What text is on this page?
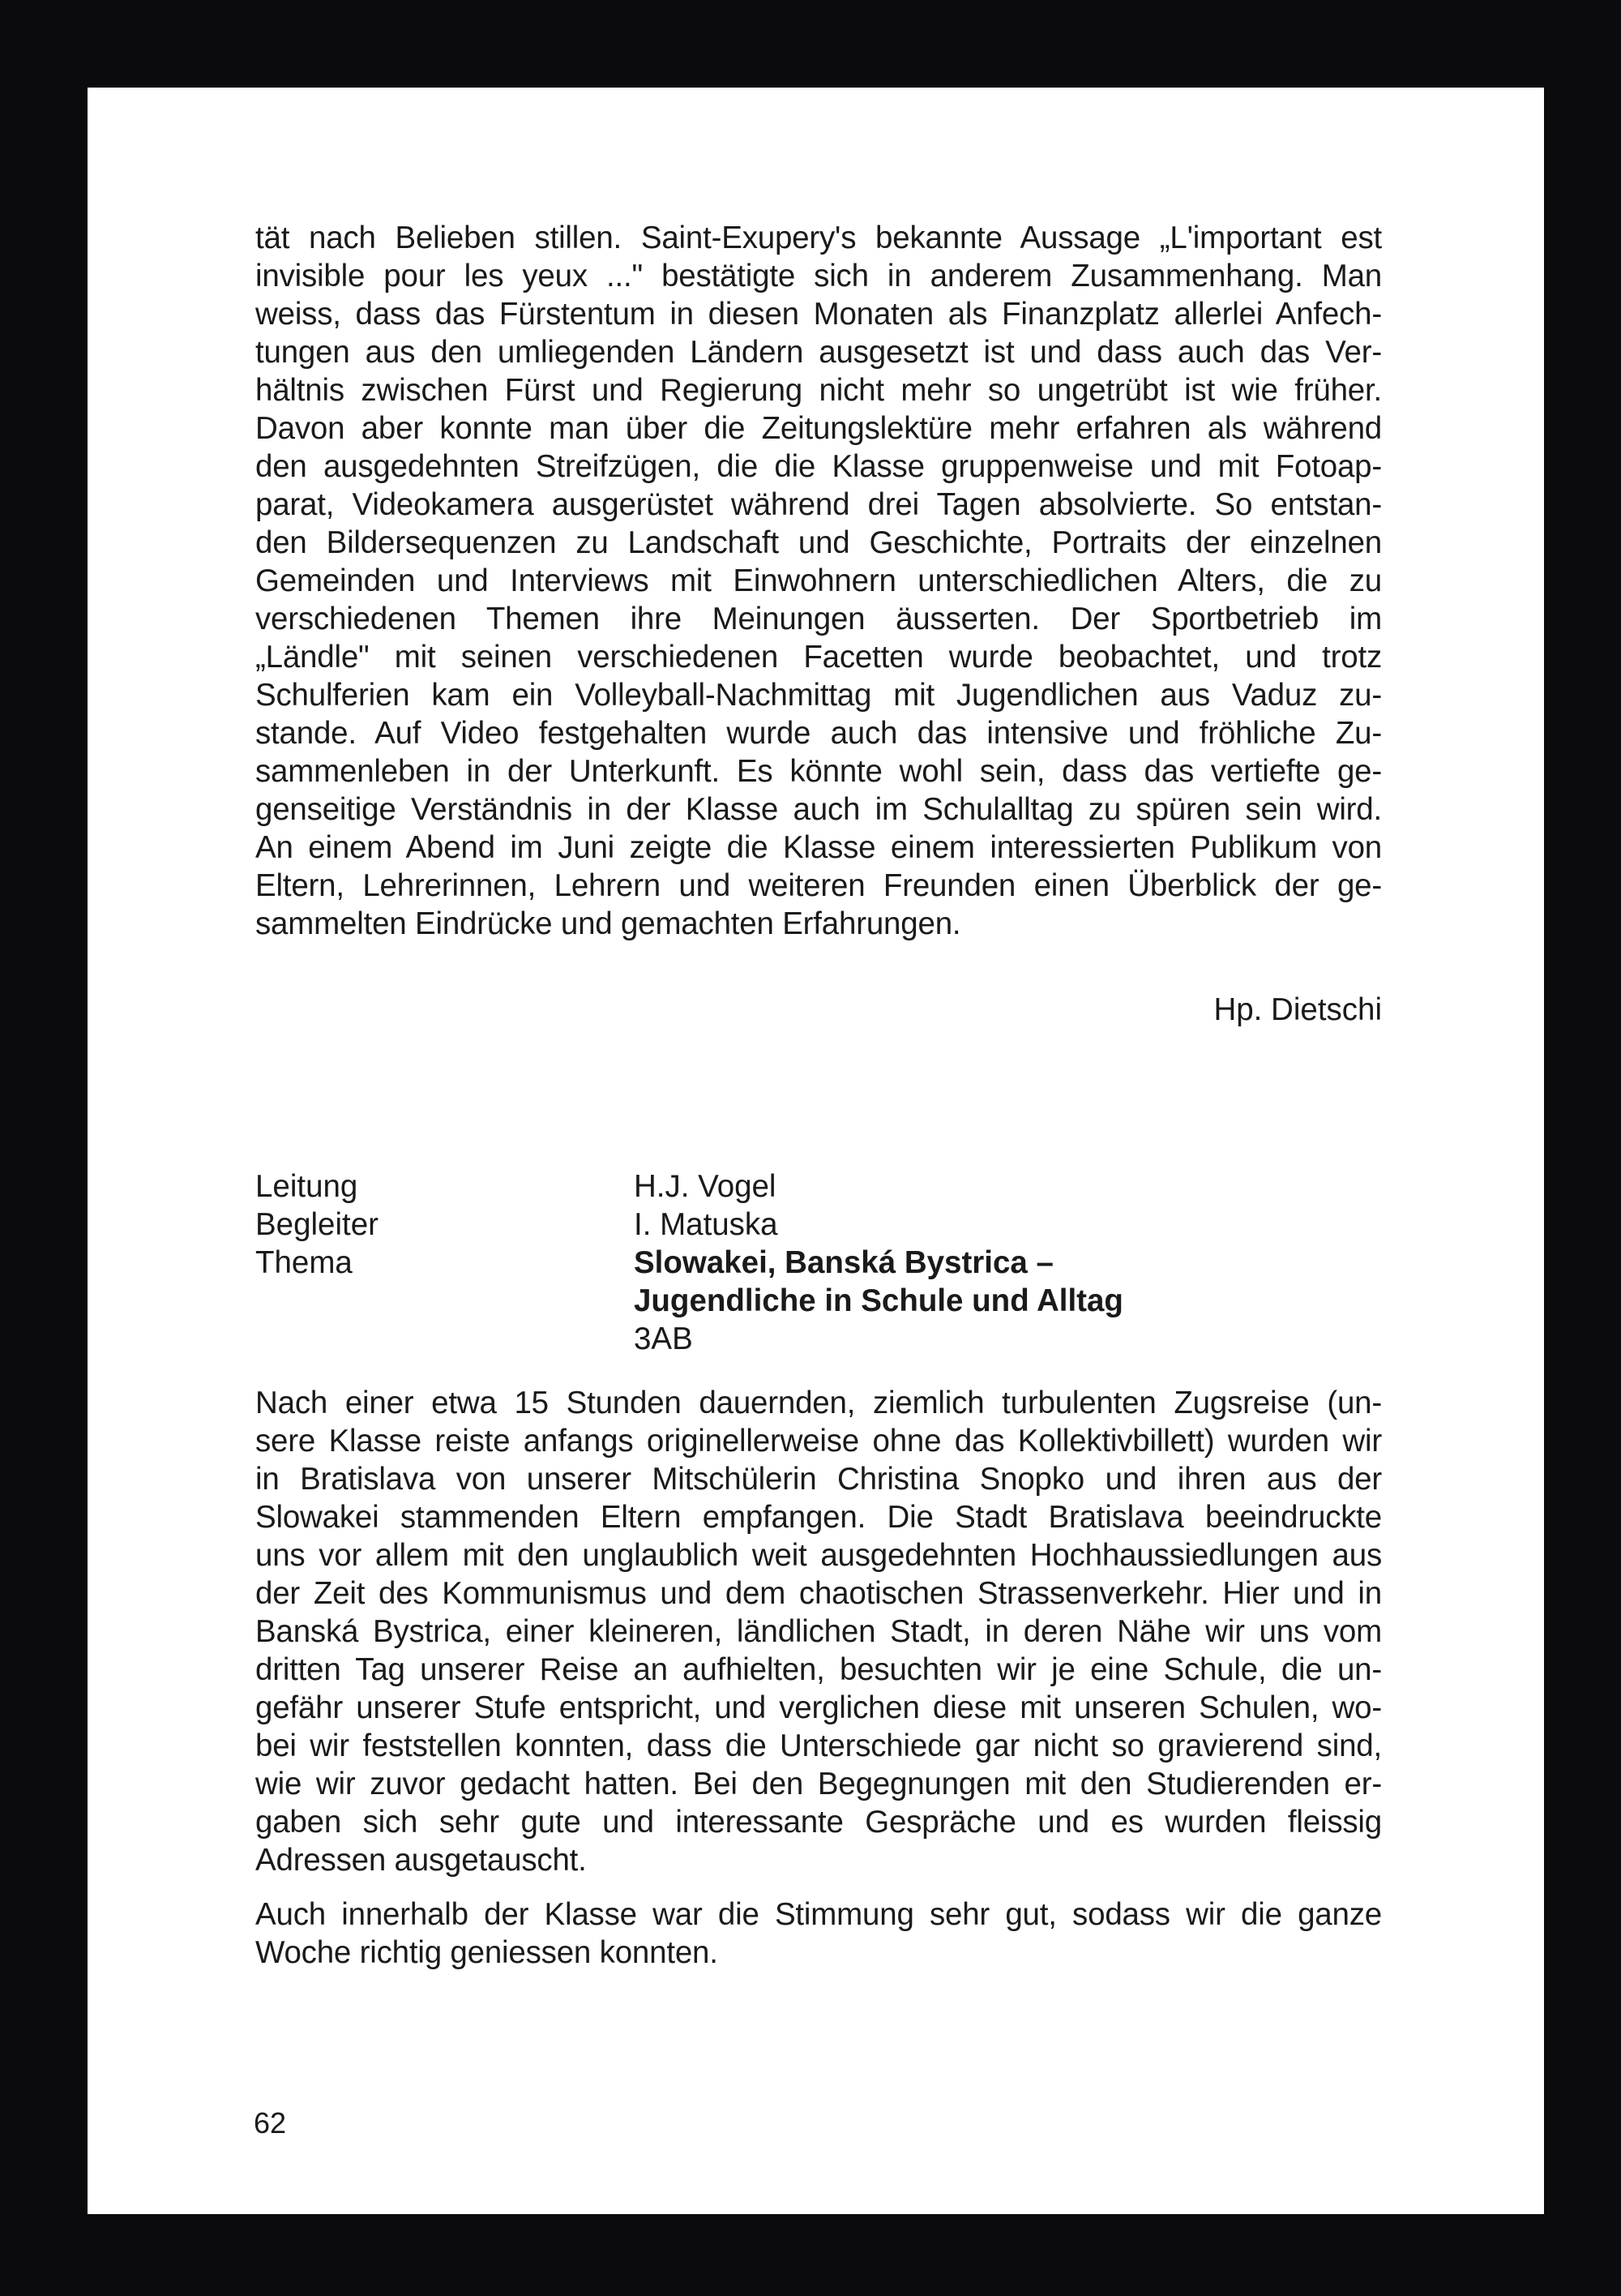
tät nach Belieben stillen. Saint-Exupery's bekannte Aussage „L'important est
invisible pour les yeux ..." bestätigte sich in anderem Zusammenhang. Man
weiss, dass das Fürstentum in diesen Monaten als Finanzplatz allerlei Anfech-
tungen aus den umliegenden Ländern ausgesetzt ist und dass auch das Ver-
hältnis zwischen Fürst und Regierung nicht mehr so ungetrübt ist wie früher.
Davon aber konnte man über die Zeitungslektüre mehr erfahren als während
den ausgedehnten Streifzügen, die die Klasse gruppenweise und mit Fotoap-
parat, Videokamera ausgerüstet während drei Tagen absolvierte. So entstan-
den Bildersequenzen zu Landschaft und Geschichte, Portraits der einzelnen
Gemeinden und Interviews mit Einwohnern unterschiedlichen Alters, die zu
verschiedenen Themen ihre Meinungen äusserten. Der Sportbetrieb im
„Ländle" mit seinen verschiedenen Facetten wurde beobachtet, und trotz
Schulferien kam ein Volleyball-Nachmittag mit Jugendlichen aus Vaduz zu-
stande. Auf Video festgehalten wurde auch das intensive und fröhliche Zu-
sammenleben in der Unterkunft. Es könnte wohl sein, dass das vertiefte ge-
genseitige Verständnis in der Klasse auch im Schulalltag zu spüren sein wird.
An einem Abend im Juni zeigte die Klasse einem interessierten Publikum von
Eltern, Lehrerinnen, Lehrern und weiteren Freunden einen Überblick der ge-
sammelten Eindrücke und gemachten Erfahrungen.
Hp. Dietschi
Leitung	H.J. Vogel
Begleiter	I. Matuska
Thema	Slowakei, Banská Bystrica –
Jugendliche in Schule und Alltag
3AB
Nach einer etwa 15 Stunden dauernden, ziemlich turbulenten Zugsreise (un-
sere Klasse reiste anfangs originellerweise ohne das Kollektivbillett) wurden wir
in Bratislava von unserer Mitschülerin Christina Snopko und ihren aus der
Slowakei stammenden Eltern empfangen. Die Stadt Bratislava beeindruckte
uns vor allem mit den unglaublich weit ausgedehnten Hochhaussiedlungen aus
der Zeit des Kommunismus und dem chaotischen Strassenverkehr. Hier und in
Banská Bystrica, einer kleineren, ländlichen Stadt, in deren Nähe wir uns vom
dritten Tag unserer Reise an aufhielten, besuchten wir je eine Schule, die un-
gefähr unserer Stufe entspricht, und verglichen diese mit unseren Schulen, wo-
bei wir feststellen konnten, dass die Unterschiede gar nicht so gravierend sind,
wie wir zuvor gedacht hatten. Bei den Begegnungen mit den Studierenden er-
gaben sich sehr gute und interessante Gespräche und es wurden fleissig
Adressen ausgetauscht.
Auch innerhalb der Klasse war die Stimmung sehr gut, sodass wir die ganze
Woche richtig geniessen konnten.
62
